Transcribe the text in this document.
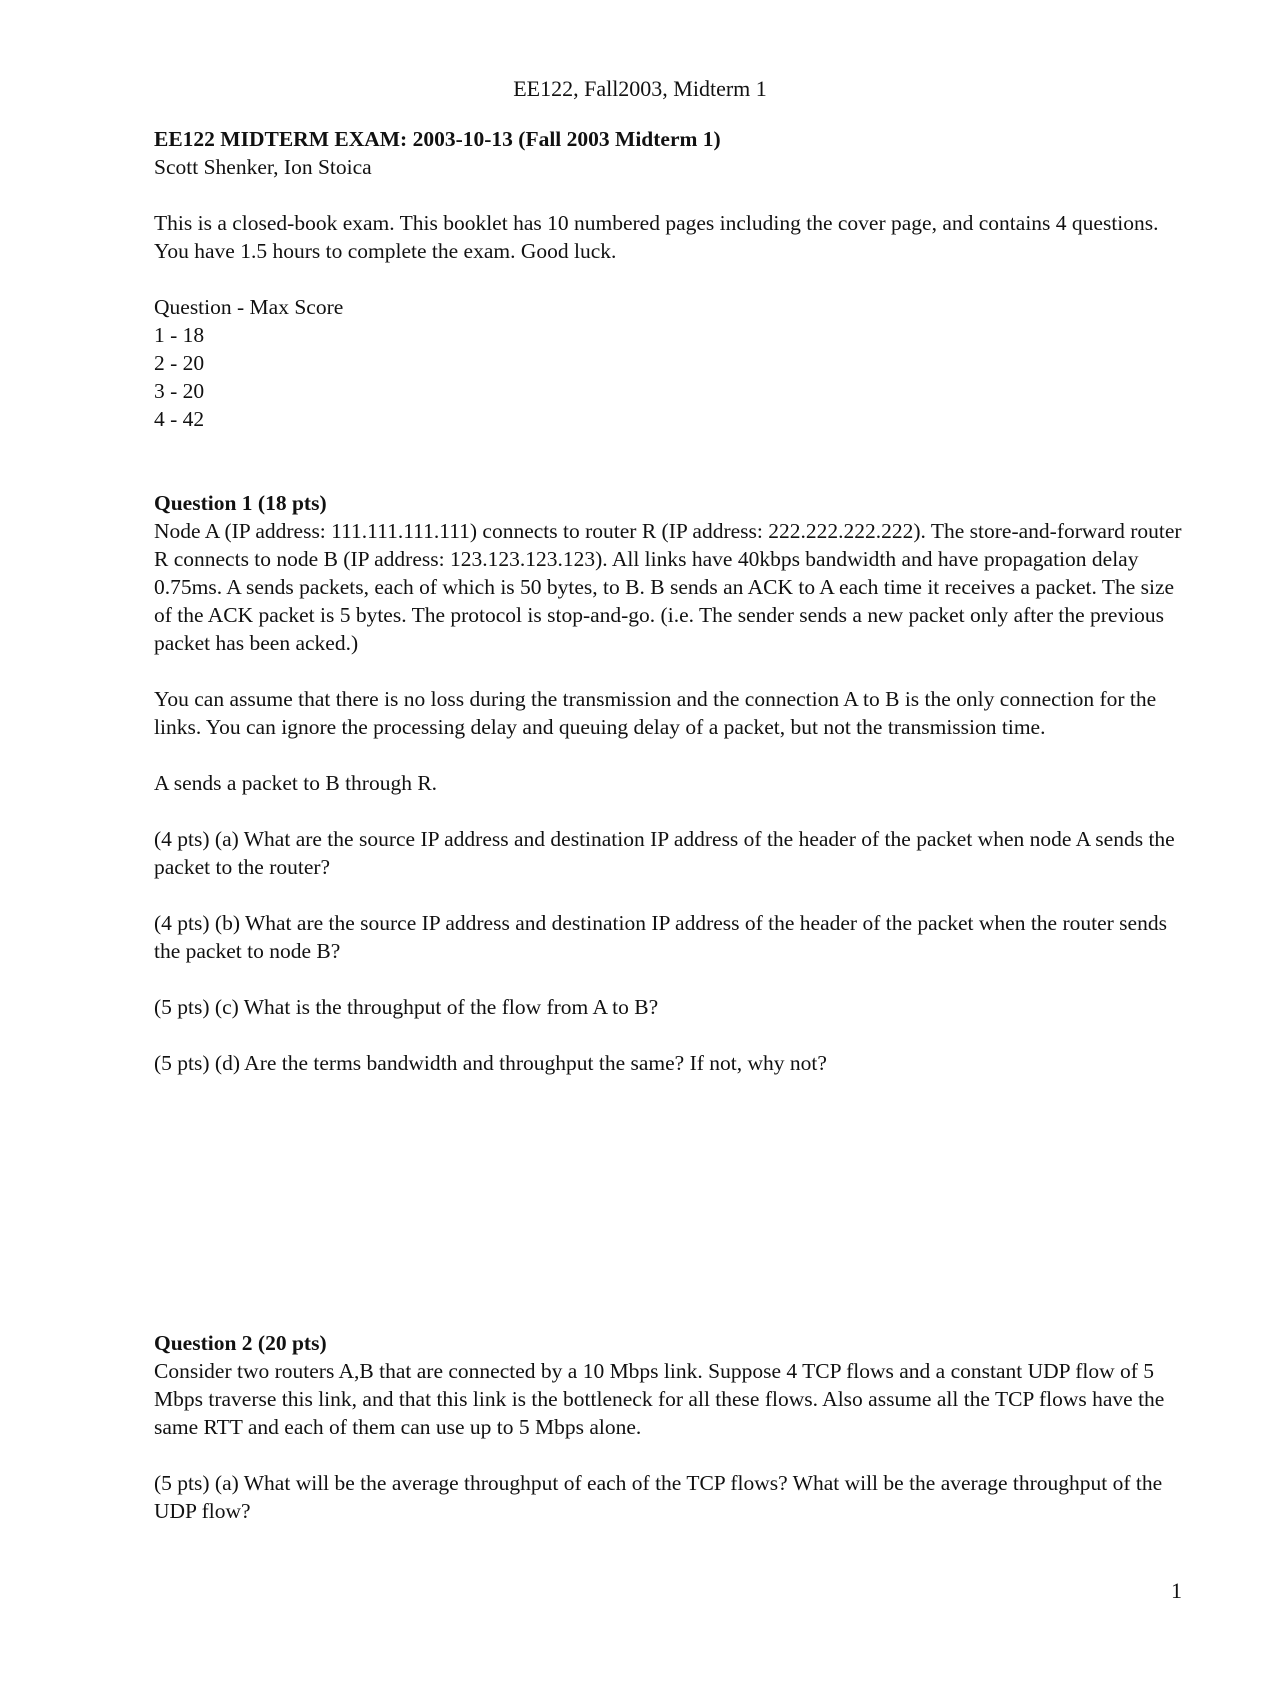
EE122, Fall2003, Midterm 1

EE122 MIDTERM EXAM: 2003-10-13 (Fall 2003 Midterm 1)

Scott Shenker, Ion Stoica

This is a closed-book exam. This booklet has 10 numbered pages including the cover page, and contains 4 questions. You have 1.5 hours to complete the exam. Good luck.

Question - Max Score
1 - 18
2 - 20
3 - 20
4 - 42

Question 1 (18 pts)

Node A (IP address: 111.111.111.111) connects to router R (IP address: 222.222.222.222). The store-and-forward router R connects to node B (IP address: 123.123.123.123). All links have 40kbps bandwidth and have propagation delay 0.75ms. A sends packets, each of which is 50 bytes, to B. B sends an ACK to A each time it receives a packet. The size of the ACK packet is 5 bytes. The protocol is stop-and-go. (i.e. The sender sends a new packet only after the previous packet has been acked.)

You can assume that there is no loss during the transmission and the connection A to B is the only connection for the links. You can ignore the processing delay and queuing delay of a packet, but not the transmission time.

A sends a packet to B through R.

(4 pts) (a) What are the source IP address and destination IP address of the header of the packet when node A sends the packet to the router?

(4 pts) (b) What are the source IP address and destination IP address of the header of the packet when the router sends the packet to node B?

(5 pts) (c) What is the throughput of the flow from A to B?

(5 pts) (d) Are the terms bandwidth and throughput the same? If not, why not?

Question 2 (20 pts)

Consider two routers A,B that are connected by a 10 Mbps link. Suppose 4 TCP flows and a constant UDP flow of 5 Mbps traverse this link, and that this link is the bottleneck for all these flows. Also assume all the TCP flows have the same RTT and each of them can use up to 5 Mbps alone.

(5 pts) (a) What will be the average throughput of each of the TCP flows? What will be the average throughput of the UDP flow?

1
